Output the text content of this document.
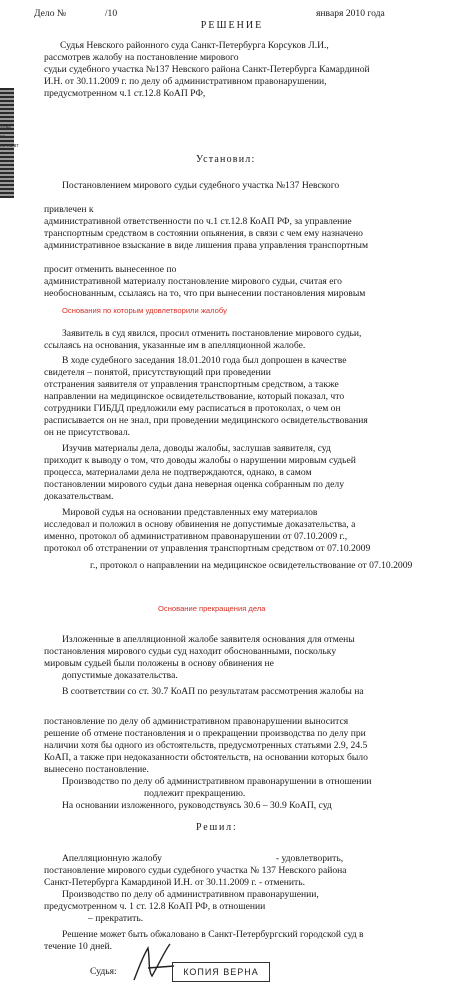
адве
ка
по на вт
Дело №	/10	января 2010 года
РЕШЕНИЕ
Судья Невского районного суда Санкт-Петербурга Корсуков Л.И.,
рассмотрев жалобу на постановление мирового
судьи судебного участка №137 Невского района Санкт-Петербурга Камардиной
И.Н. от 30.11.2009 г. по делу об административном правонарушении,
предусмотренном ч.1 ст.12.8 КоАП РФ,
Установил:
Постановлением мирового судьи судебного участка №137 Невского
привлечен к
административной ответственности по ч.1 ст.12.8 КоАП РФ, за управление
транспортным средством в состоянии опьянения, в связи с чем ему назначено
административное взыскание в виде лишения права управления транспортным
просит отменить вынесенное по
административной материалу постановление мирового судьи, считая его
необоснованным, ссылаясь на то, что при вынесении постановления мировым
Основания по которым удовлетворили жалобу
Заявитель в суд явился, просил отменить постановление мирового судьи,
ссылаясь на основания, указанные им в апелляционной жалобе.
В ходе судебного заседания 18.01.2010 года был допрошен в качестве
свидетеля – понятой, присутствующий при проведении
отстранения заявителя от управления транспортным средством, а также
направлении на медицинское освидетельствование, который показал, что
сотрудники ГИБДД предложили ему расписаться в протоколах, о чем он
расписывается он не знал, при проведении медицинского освидетельствования
он не присутствовал.
Изучив материалы дела, доводы жалобы, заслушав заявителя, суд
приходит к выводу о том, что доводы жалобы о нарушении мировым судьей
процесса, материалами дела не подтверждаются, однако, в самом
постановлении мирового судьи дана неверная оценка собранным по делу
доказательствам.
Мировой судья на основании представленных ему материалов
исследовал и положил в основу обвинения не допустимые доказательства, а
именно, протокол об административном правонарушении от 07.10.2009 г.,
протокол об отстранении от управления транспортным средством от 07.10.2009
г., протокол о направлении на медицинское освидетельствование от 07.10.2009
Основание прекращения дела
Изложенные в апелляционной жалобе заявителя основания для отмены
постановления мирового судьи суд находит обоснованными, поскольку
мировым судьей были положены в основу обвинения не
допустимые доказательства.
В соответствии со ст. 30.7 КоАП по результатам рассмотрения жалобы на
постановление по делу об административном правонарушении выносится
решение об отмене постановления и о прекращении производства по делу при
наличии хотя бы одного из обстоятельств, предусмотренных статьями 2.9, 24.5
КоАП, а также при недоказанности обстоятельств, на основании которых было
вынесено постановление.
Производство по делу об административном правонарушении в отношении
подлежит прекращению.
На основании изложенного, руководствуясь 30.6 – 30.9 КоАП, суд
Решил:
Апелляционную жалобу	- удовлетворить,
постановление мирового судьи судебного участка № 137 Невского района
Санкт-Петербурга Камардиной И.Н. от 30.11.2009 г. - отменить.
Производство по делу об административном правонарушении,
предусмотренном ч. 1 ст. 12.8 КоАП РФ, в отношении
– прекратить.
Решение может быть обжаловано в Санкт-Петербургский городской суд в
течение 10 дней.
Судья:	КОПИЯ ВЕРНА
